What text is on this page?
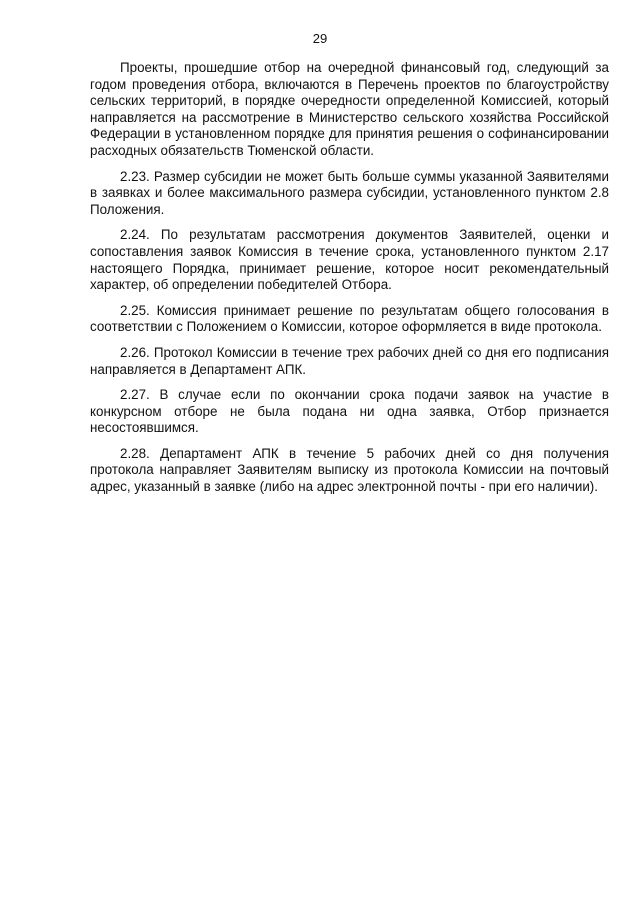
29

Проекты, прошедшие отбор на очередной финансовый год, следующий за годом проведения отбора, включаются в Перечень проектов по благоустройству сельских территорий, в порядке очередности определенной Комиссией, который направляется на рассмотрение в Министерство сельского хозяйства Российской Федерации в установленном порядке для принятия решения о софинансировании расходных обязательств Тюменской области.

2.23. Размер субсидии не может быть больше суммы указанной Заявителями в заявках и более максимального размера субсидии, установленного пунктом 2.8 Положения.

2.24. По результатам рассмотрения документов Заявителей, оценки и сопоставления заявок Комиссия в течение срока, установленного пунктом 2.17 настоящего Порядка, принимает решение, которое носит рекомендательный характер, об определении победителей Отбора.

2.25. Комиссия принимает решение по результатам общего голосования в соответствии с Положением о Комиссии, которое оформляется в виде протокола.

2.26. Протокол Комиссии в течение трех рабочих дней со дня его подписания направляется в Департамент АПК.

2.27. В случае если по окончании срока подачи заявок на участие в конкурсном отборе не была подана ни одна заявка, Отбор признается несостоявшимся.

2.28. Департамент АПК в течение 5 рабочих дней со дня получения протокола направляет Заявителям выписку из протокола Комиссии на почтовый адрес, указанный в заявке (либо на адрес электронной почты - при его наличии).
